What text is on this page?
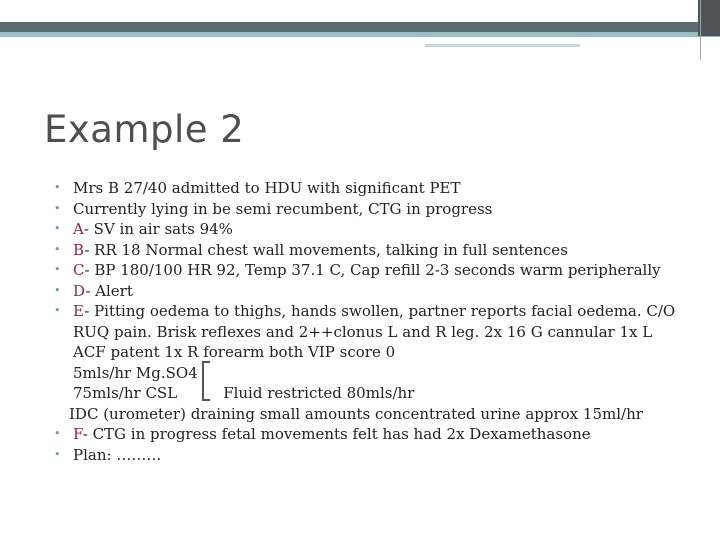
Example 2
• Mrs B 27/40 admitted to HDU with significant PET
• Currently lying in be semi recumbent, CTG in progress
• A- SV in air sats 94%
• B- RR 18 Normal chest wall movements, talking in full sentences
• C- BP 180/100 HR 92, Temp 37.1 C, Cap refill 2-3 seconds warm peripherally
• D- Alert
• E- Pitting oedema to thighs, hands swollen, partner reports facial oedema. C/O RUQ pain. Brisk reflexes and 2++clonus L and R leg. 2x 16 G cannular 1x L ACF patent 1x R forearm both VIP score 0
5mls/hr Mg.SO4
75mls/hr CSL	Fluid restricted 80mls/hr
IDC (urometer) draining small amounts concentrated urine approx 15ml/hr
• F- CTG in progress fetal movements felt has had 2x Dexamethasone
• Plan: ………
